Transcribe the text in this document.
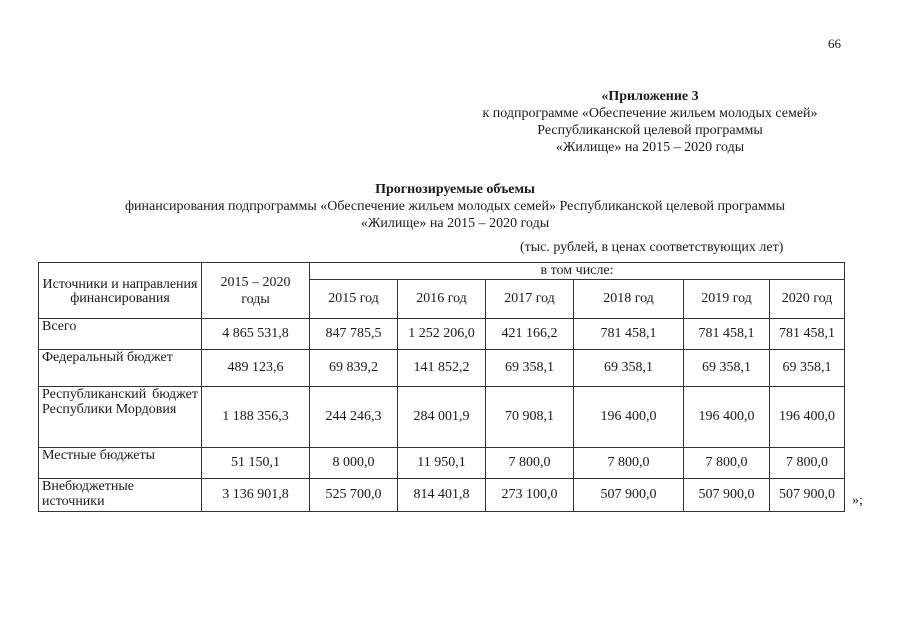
66
«Приложение 3
к подпрограмме «Обеспечение жильем молодых семей»
Республиканской целевой программы
«Жилище» на 2015 – 2020 годы
Прогнозируемые объемы
финансирования подпрограммы «Обеспечение жильем молодых семей» Республиканской целевой программы
«Жилище» на 2015 – 2020 годы
(тыс. рублей, в ценах соответствующих лет)
Источники и направления финансирования	2015 – 2020 годы	в том числе:					
		2015 год	2016 год	2017 год	2018 год	2019 год	2020 год
Всего	4 865 531,8	847 785,5	1 252 206,0	421 166,2	781 458,1	781 458,1	781 458,1
Федеральный бюджет	489 123,6	69 839,2	141 852,2	69 358,1	69 358,1	69 358,1	69 358,1
Республиканский бюджет Республики Мордовия	1 188 356,3	244 246,3	284 001,9	70 908,1	196 400,0	196 400,0	196 400,0
Местные бюджеты	51 150,1	8 000,0	11 950,1	7 800,0	7 800,0	7 800,0	7 800,0
Внебюджетные источники	3 136 901,8	525 700,0	814 401,8	273 100,0	507 900,0	507 900,0	507 900,0 »;
